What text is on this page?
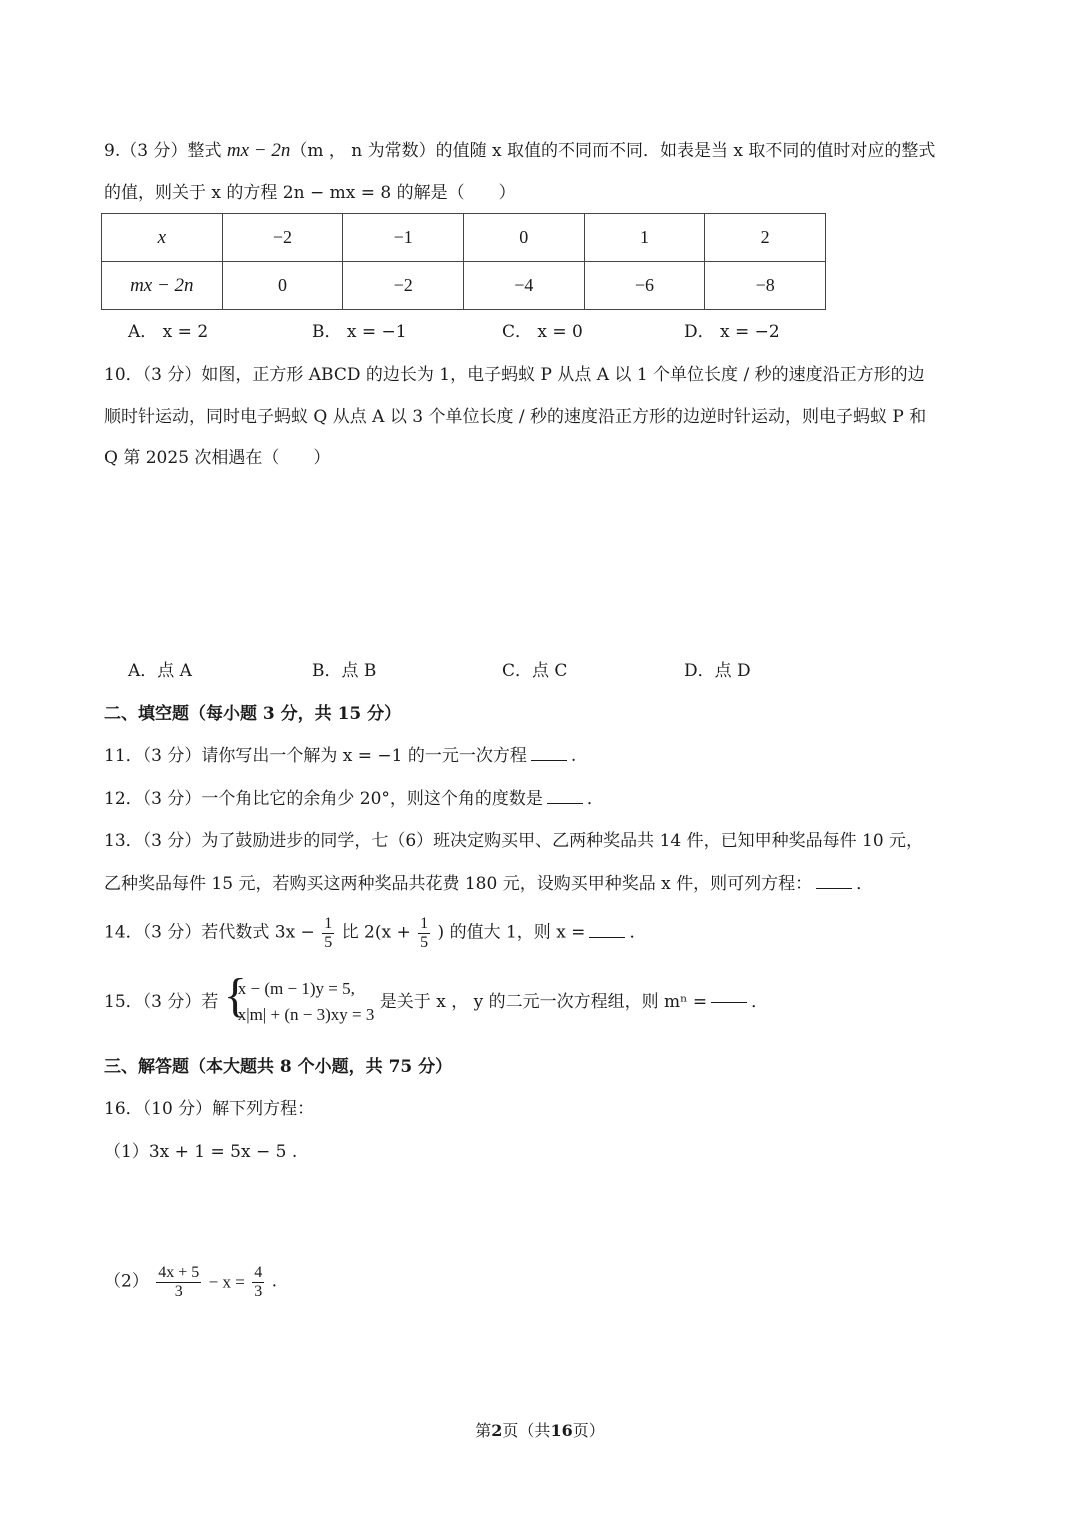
9.（3 分）整式 mx − 2n（m ， n 为常数）的值随 x 取值的不同而不同．如表是当 x 取不同的值时对应的整式
的值，则关于 x 的方程 2n − mx = 8 的解是（　　）
x	−2	−1	0	1	2
mx − 2n	0	−2	−4	−6	−8
A． x = 2	B． x = −1	C． x = 0	D． x = −2
10．（3 分）如图，正方形 ABCD 的边长为 1，电子蚂蚁 P 从点 A 以 1 个单位长度 / 秒的速度沿正方形的边
顺时针运动，同时电子蚂蚁 Q 从点 A 以 3 个单位长度 / 秒的速度沿正方形的边逆时针运动，则电子蚂蚁 P 和
Q 第 2025 次相遇在（　　）
A．点 A	B．点 B	C．点 C	D．点 D
二、填空题（每小题 3 分，共 15 分）
11．（3 分）请你写出一个解为 x = −1 的一元一次方程	.
12．（3 分）一个角比它的余角少 20°，则这个角的度数是	．
13．（3 分）为了鼓励进步的同学，七（6）班决定购买甲、乙两种奖品共 14 件，已知甲种奖品每件 10 元，
乙种奖品每件 15 元，若购买这两种奖品共花费 180 元，设购买甲种奖品 x 件，则可列方程：	．
14．（3 分）若代数式 $3x - \frac{1}{5}$ 比 $2(x + \frac{1}{5}$ ) 的值大 1，则 x =	．
15．（3 分）若 {
x − (m − 1)y = 5,
x|m| + (n − 3)xy = 3
是关于 x ， y 的二元一次方程组，则 mⁿ =	．
三、解答题（本大题共 8 个小题，共 75 分）
16．（10 分）解下列方程：
（1）3x + 1 = 5x − 5 .
$(2) \frac{4x + 5}{3} - x = \frac{4}{3}$ .
第2页（共16页）
